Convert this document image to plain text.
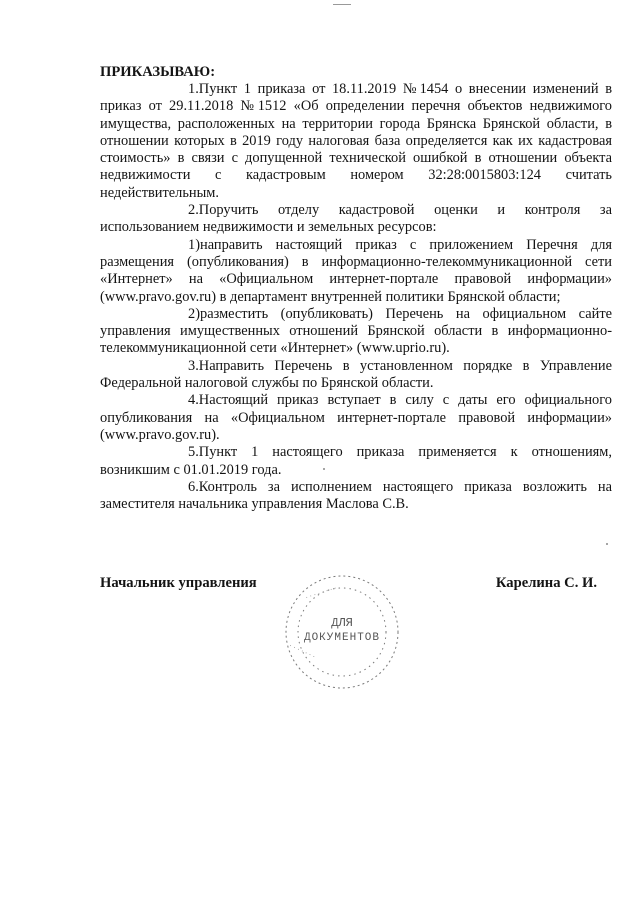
ПРИКАЗЫВАЮ:

1.Пункт 1 приказа от 18.11.2019 №1454 о внесении изменений в приказ от 29.11.2018 №1512 «Об определении перечня объектов недвижимого имущества, расположенных на территории города Брянска Брянской области, в отношении которых в 2019 году налоговая база определяется как их кадастровая стоимость» в связи с допущенной технической ошибкой в отношении объекта недвижимости с кадастровым номером 32:28:0015803:124 считать недействительным.

2.Поручить отделу кадастровой оценки и контроля за использованием недвижимости и земельных ресурсов:

1)направить настоящий приказ с приложением Перечня для размещения (опубликования) в информационно-телекоммуникационной сети «Интернет» на «Официальном интернет-портале правовой информации» (www.pravo.gov.ru) в департамент внутренней политики Брянской области;

2)разместить (опубликовать) Перечень на официальном сайте управления имущественных отношений Брянской области в информационно-телекоммуникационной сети «Интернет» (www.uprio.ru).

3.Направить Перечень в установленном порядке в Управление Федеральной налоговой службы по Брянской области.

4.Настоящий приказ вступает в силу с даты его официального опубликования на «Официальном интернет-портале правовой информации» (www.pravo.gov.ru).

5.Пункт 1 настоящего приказа применяется к отношениям, возникшим с 01.01.2019 года.

6.Контроль за исполнением настоящего приказа возложить на заместителя начальника управления Маслова С.В.

Начальник управления	Карелина С. И.
· · · · · · · ·
· · · · · · ·
ДЛЯ
ДОКУМЕНТОВ
